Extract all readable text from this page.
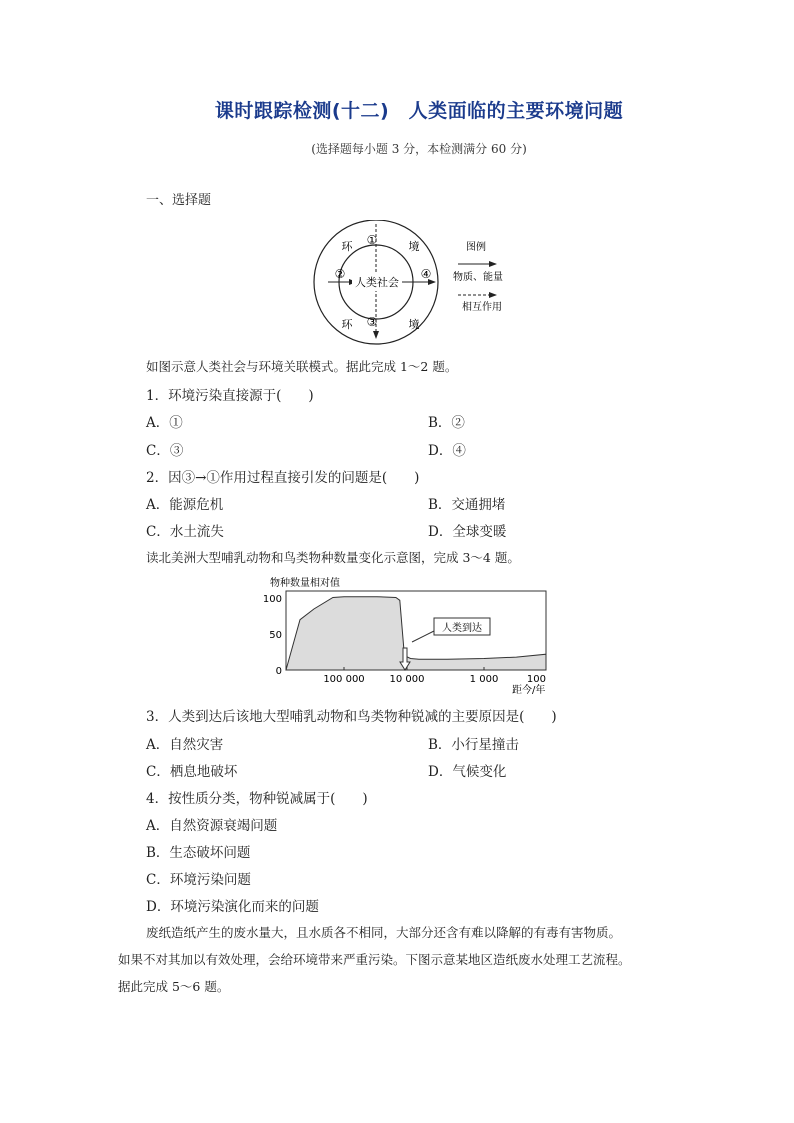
课时跟踪检测(十二)　人类面临的主要环境问题
(选择题每小题 3 分，本检测满分 60 分)
一、选择题
人类社会
环	境
环	境
①
②
③
④
图例
物质、能量
相互作用
如图示意人类社会与环境关联模式。据此完成 1～2 题。
1．环境污染直接源于(　　)
A．①	B．②
C．③	D．④
2．因③→①作用过程直接引发的问题是(　　)
A．能源危机	B．交通拥堵
C．水土流失	D．全球变暖
读北美洲大型哺乳动物和鸟类物种数量变化示意图，完成 3～4 题。
物种数量相对值
距今/年
100
50
0
100 000 10 000	1 000	100
人类到达
3．人类到达后该地大型哺乳动物和鸟类物种锐减的主要原因是(　　)
A．自然灾害	B．小行星撞击
C．栖息地破坏	D．气候变化
4．按性质分类，物种锐减属于(　　)
A．自然资源衰竭问题
B．生态破坏问题
C．环境污染问题
D．环境污染演化而来的问题
废纸造纸产生的废水量大，且水质各不相同，大部分还含有难以降解的有毒有害物质。
如果不对其加以有效处理，会给环境带来严重污染。下图示意某地区造纸废水处理工艺流程。
据此完成 5～6 题。
